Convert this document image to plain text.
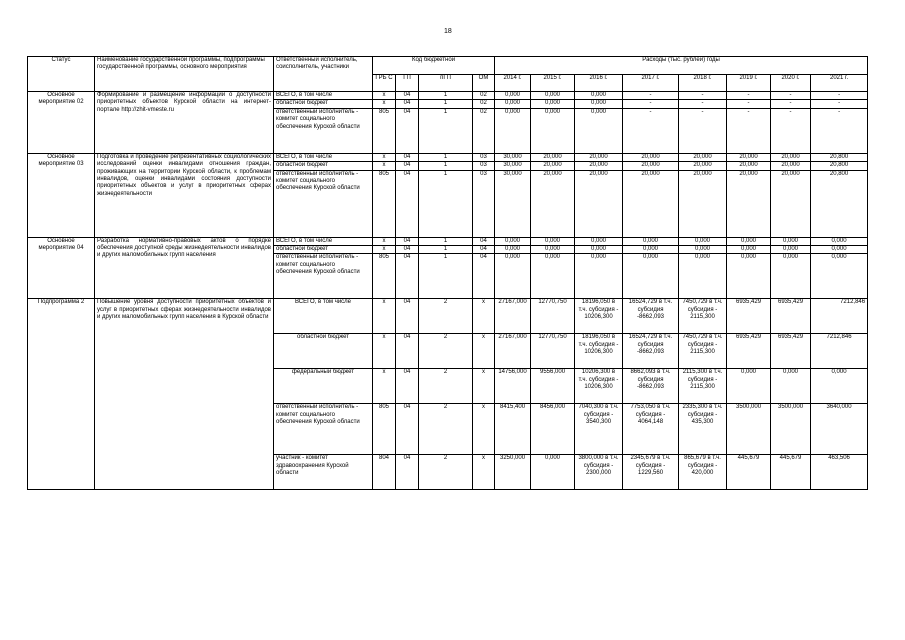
18
Статус	Наименование государственной программы, подпрограммы государственной программы, основного мероприятия	Ответственный исполнитель, соисполнитель, участники	Код бюджетной				Расходы (тыс. рублей) годы							
			ГРБ С	ГП	пГП	ОМ	2014 г.	2015 г.	2016 г.	2017 г.	2018 г.	2019 г.	2020 г.	2021 г.
Основное мероприятие 02	Формирование и размещение информации о доступности приоритетных объектов Курской области на интернет-портале http://zhit-vmeste.ru	ВСЕГО, в том числе	x	04	1	02	0,000	0,000	0,000	-	-	-	-	-
		областной бюджет	x	04	1	02	0,000	0,000	0,000	-	-	-	-	-
		ответственный исполнитель - комитет социального обеспечения Курской области	805	04	1	02	0,000	0,000	0,000	-	-	-	-	-
Основное мероприятие 03	Подготовка и проведение репрезентативных социологических исследований оценки инвалидами отношения граждан, проживающих на территории Курской области, к проблемам инвалидов, оценки инвалидами состояния доступности приоритетных объектов и услуг в приоритетных сферах жизнедеятельности	ВСЕГО, в том числе	x	04	1	03	30,000	20,000	20,000	20,000	20,000	20,000	20,000	20,800
		областной бюджет	x	04	1	03	30,000	20,000	20,000	20,000	20,000	20,000	20,000	20,800
		ответственный исполнитель - комитет социального обеспечения Курской области	805	04	1	03	30,000	20,000	20,000	20,000	20,000	20,000	20,000	20,800
Основное мероприятие 04	Разработка нормативно-правовых актов о порядке обеспечения доступной среды жизнедеятельности инвалидов и других маломобильных групп населения	ВСЕГО, в том числе	x	04	1	04	0,000	0,000	0,000	0,000	0,000	0,000	0,000	0,000
		областной бюджет	x	04	1	04	0,000	0,000	0,000	0,000	0,000	0,000	0,000	0,000
		ответственный исполнитель - комитет социального обеспечения Курской области	805	04	1	04	0,000	0,000	0,000	0,000	0,000	0,000	0,000	0,000
Подпрограмма 2	Повышение уровня доступности приоритетных объектов и услуг в приоритетных сферах жизнедеятельности инвалидов и других маломобильных групп населения в Курской области	ВСЕГО, в том числе	x	04	2	x	27167,000	12770,750	18196,050 в т.ч. субсидия - 10206,300	16524,729 в т.ч. субсидия -8662,093	7450,729 в т.ч. субсидия - 2115,300	6935,429	6935,429	7212,846
		областной бюджет	x	04	2	x	27167,000	12770,750	18196,050 в т.ч. субсидия - 10206,300	16524,729 в т.ч. субсидия -8662,093	7450,729 в т.ч. субсидия - 2115,300	6935,429	6935,429	7212,846
		федеральный бюджет	x	04	2	x	14756,000	9556,000	10206,300 в т.ч. субсидия - 10206,300	8662,093 в т.ч. субсидия -8662,093	2115,300 в т.ч. субсидия - 2115,300	0,000	0,000	0,000
		ответственный исполнитель - комитет социального обеспечения Курской области	805	04	2	x	8415,400	8456,000	7040,300 в т.ч. субсидия - 3540,300	7753,050 в т.ч. субсидия - 4064,148	2335,300 в т.ч. субсидия - 435,300	3500,000	3500,000	3640,000
		участник - комитет здравоохранения Курской области	804	04	2	x	3250,000	0,000	3800,000 в т.ч. субсидия - 2300,000	2345,679 в т.ч. субсидия - 1229,560	865,679 в т.ч. субсидия - 420,000	445,679	445,679	463,506
